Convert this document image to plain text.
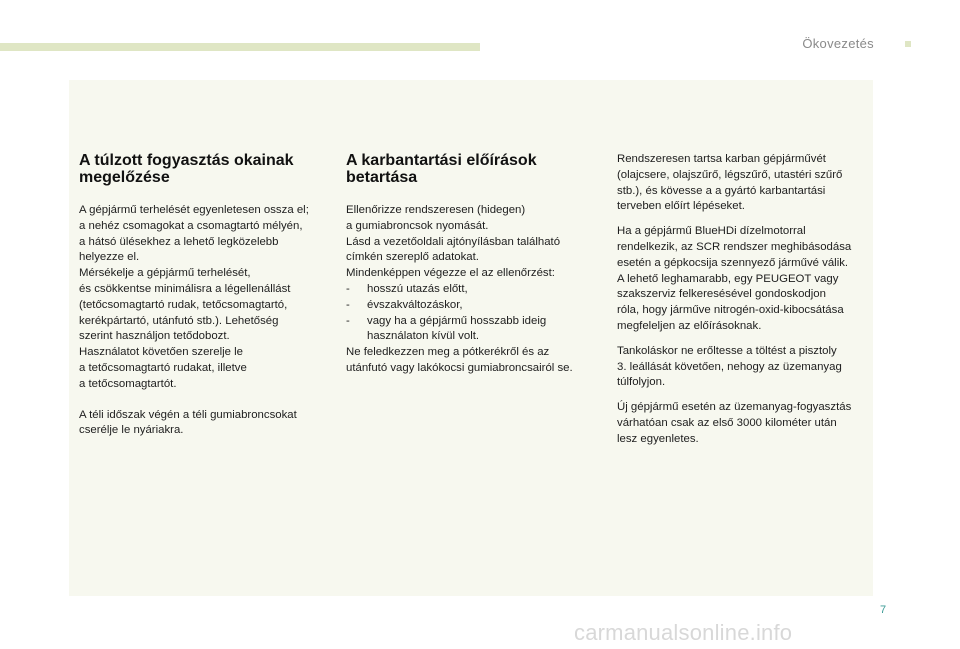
Ökovezetés
A túlzott fogyasztás okainak
megelőzése

A gépjármű terhelését egyenletesen ossza el;
a nehéz csomagokat a csomagtartó mélyén,
a hátsó ülésekhez a lehető legközelebb
helyezze el.
Mérsékelje a gépjármű terhelését,
és csökkentse minimálisra a légellenállást
(tetőcsomagtartó rudak, tetőcsomagtartó,
kerékpártartó, utánfutó stb.). Lehetőség
szerint használjon tetődobozt.
Használatot követően szerelje le
a tetőcsomagtartó rudakat, illetve
a tetőcsomagtartót.

A téli időszak végén a téli gumiabroncsokat
cserélje le nyáriakra.

A karbantartási előírások
betartása

Ellenőrizze rendszeresen (hidegen)
a gumiabroncsok nyomását.
Lásd a vezetőoldali ajtónyílásban található
címkén szereplő adatokat.
Mindenképpen végezze el az ellenőrzést:

- hosszú utazás előtt,
- évszakváltozáskor,
- vagy ha a gépjármű hosszabb ideig
használaton kívül volt.

Ne feledkezzen meg a pótkerékről és az
utánfutó vagy lakókocsi gumiabroncsairól se.

Rendszeresen tartsa karban gépjárművét
(olajcsere, olajszűrő, légszűrő, utastéri szűrő
stb.), és kövesse a a gyártó karbantartási
terveben előírt lépéseket.

Ha a gépjármű BlueHDi dízelmotorral
rendelkezik, az SCR rendszer meghibásodása
esetén a gépkocsija szennyező járművé válik.
A lehető leghamarabb, egy PEUGEOT vagy
szakszerviz felkeresésével gondoskodjon
róla, hogy járműve nitrogén-oxid-kibocsátása
megfeleljen az előírásoknak.

Tankoláskor ne erőltesse a töltést a pisztoly
3. leállását követően, nehogy az üzemanyag
túlfolyjon.

Új gépjármű esetén az üzemanyag-fogyasztás
várhatóan csak az első 3000 kilométer után
lesz egyenletes.

7
carmanualsonline.info
